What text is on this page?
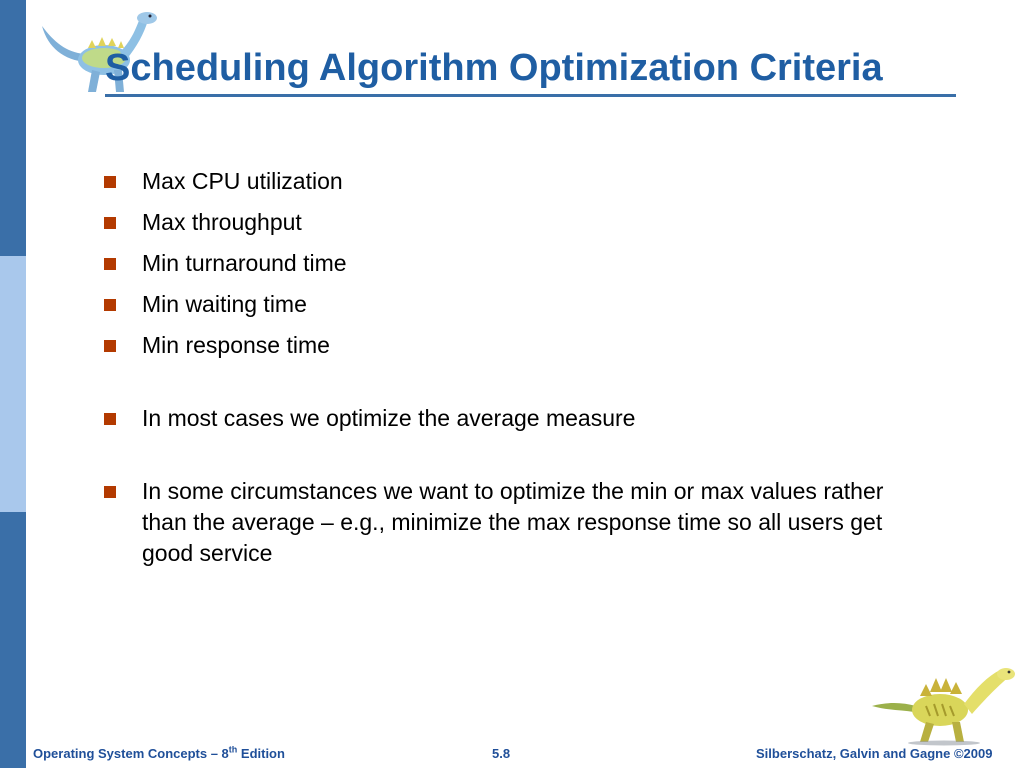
Scheduling Algorithm Optimization Criteria
Max CPU utilization
Max throughput
Min turnaround time
Min waiting time
Min response time
In most cases we optimize the average measure
In some circumstances we want to optimize the min or max values rather than the average – e.g., minimize the max response time so all users get good service
Operating System Concepts – 8th Edition	5.8	Silberschatz, Galvin and Gagne ©2009
